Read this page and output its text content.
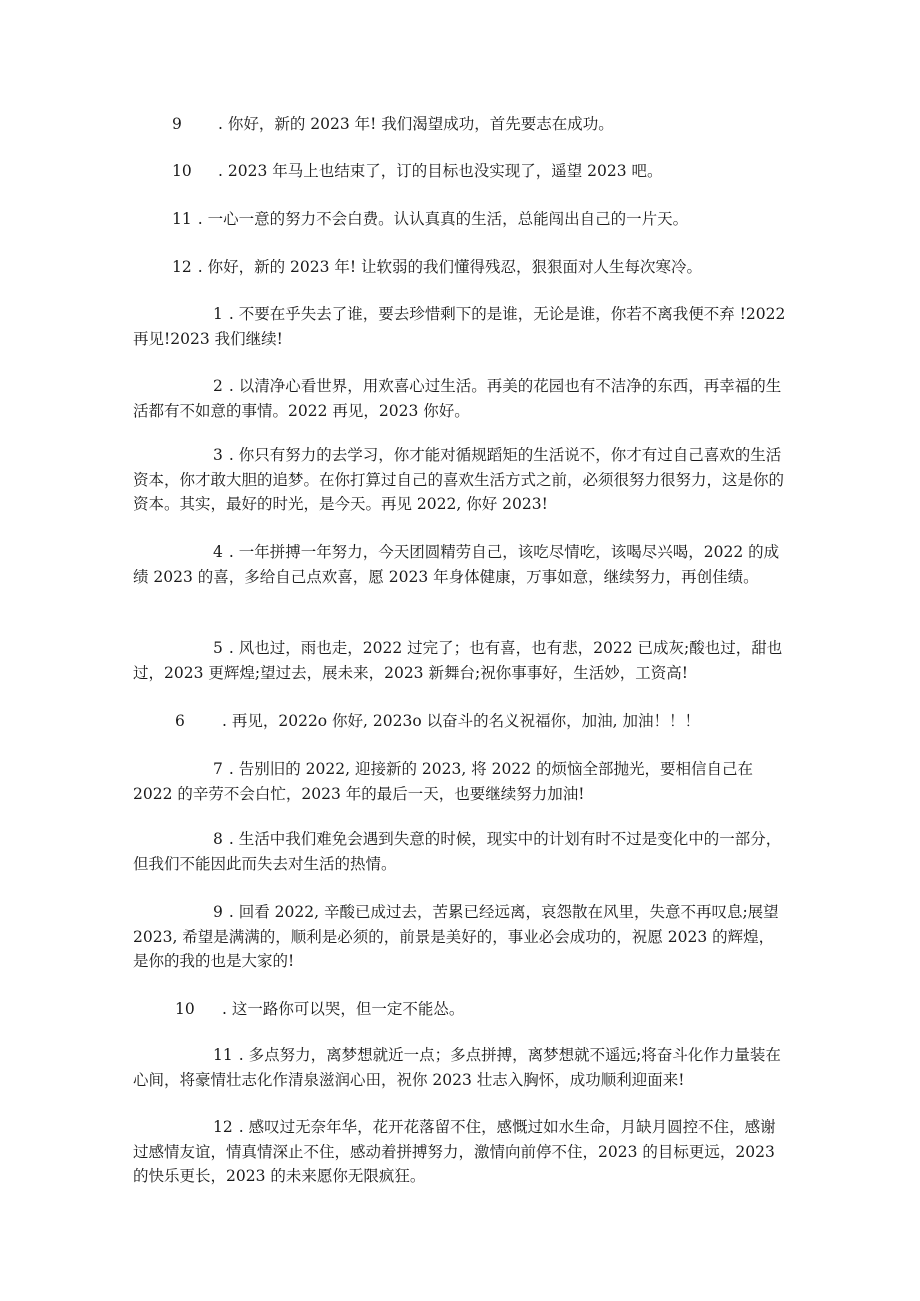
9 . 你好，新的 2023 年! 我们渴望成功，首先要志在成功。

10 . 2023 年马上也结束了，订的目标也没实现了，遥望 2023 吧。

11 . 一心一意的努力不会白费。认认真真的生活，总能闯出自己的一片天。

12 . 你好，新的 2023 年! 让软弱的我们懂得残忍，狠狠面对人生每次寒冷。

1 . 不要在乎失去了谁，要去珍惜剩下的是谁，无论是谁，你若不离我便不弃 !2022 再见!2023 我们继续!

2 . 以清净心看世界，用欢喜心过生活。再美的花园也有不洁净的东西，再幸福的生活都有不如意的事情。2022 再见，2023 你好。

3 . 你只有努力的去学习，你才能对循规蹈矩的生活说不，你才有过自己喜欢的生活资本，你才敢大胆的追梦。在你打算过自己的喜欢生活方式之前，必须很努力很努力，这是你的资本。其实，最好的时光，是今天。再见 2022, 你好 2023!

4 . 一年拼搏一年努力，今天团圆精劳自己，该吃尽情吃，该喝尽兴喝，2022 的成绩 2023 的喜，多给自己点欢喜，愿 2023 年身体健康，万事如意，继续努力，再创佳绩。

5 . 风也过，雨也走，2022 过完了；也有喜，也有悲，2022 已成灰;酸也过，甜也过，2023 更辉煌;望过去，展未来，2023 新舞台;祝你事事好，生活妙，工资高!

6 . 再见，2022o 你好, 2023o 以奋斗的名义祝福你，加油, 加油！！！

7 . 告别旧的 2022, 迎接新的 2023, 将 2022 的烦恼全部抛光，要相信自己在 2022 的辛劳不会白忙，2023 年的最后一天，也要继续努力加油!

8 . 生活中我们难免会遇到失意的时候，现实中的计划有时不过是变化中的一部分，但我们不能因此而失去对生活的热情。

9 . 回看 2022, 辛酸已成过去，苦累已经远离，哀怨散在风里，失意不再叹息;展望 2023, 希望是满满的，顺利是必须的，前景是美好的，事业必会成功的，祝愿 2023 的辉煌，是你的我的也是大家的!

10 . 这一路你可以哭，但一定不能怂。

11 . 多点努力，离梦想就近一点；多点拼搏，离梦想就不遥远;将奋斗化作力量装在心间，将豪情壮志化作清泉滋润心田，祝你 2023 壮志入胸怀，成功顺利迎面来!

12 . 感叹过无奈年华，花开花落留不住，感慨过如水生命，月缺月圆控不住，感谢过感情友谊，情真情深止不住，感动着拼搏努力，激情向前停不住，2023 的目标更远，2023 的快乐更长，2023 的未来愿你无限疯狂。
